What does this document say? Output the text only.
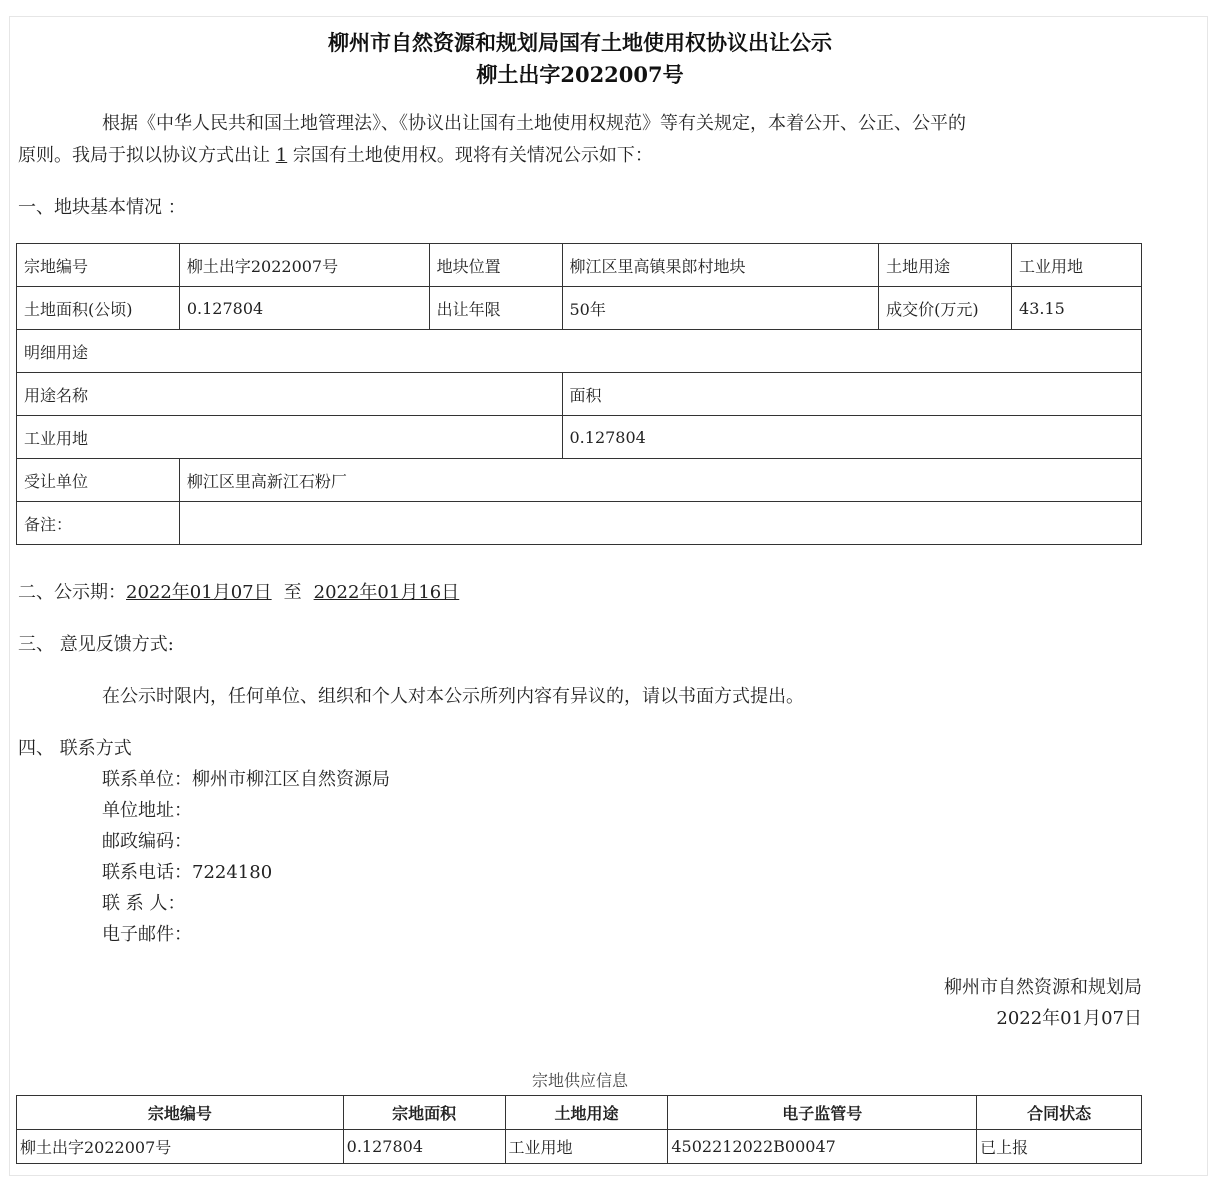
柳州市自然资源和规划局国有土地使用权协议出让公示
柳土出字2022007号
根据《中华人民共和国土地管理法》、《协议出让国有土地使用权规范》等有关规定，本着公开、公正、公平的
原则。我局于拟以协议方式出让 1 宗国有土地使用权。现将有关情况公示如下：
一、地块基本情况 ：
宗地编号	柳土出字2022007号	地块位置	柳江区里高镇果郎村地块	土地用途	工业用地
土地面积(公顷)	0.127804	出让年限	50年	成交价(万元)	43.15
明细用途					
用途名称			面积		
工业用地			0.127804		
受让单位	柳江区里高新江石粉厂				
备注：					
二、公示期：2022年01月07日 至 2022年01月16日
三、 意见反馈方式:
在公示时限内，任何单位、组织和个人对本公示所列内容有异议的，请以书面方式提出。
四、 联系方式
联系单位：柳州市柳江区自然资源局
单位地址：
邮政编码：
联系电话：7224180
联 系 人：
电子邮件：
柳州市自然资源和规划局
2022年01月07日
宗地供应信息
宗地编号	宗地面积	土地用途	电子监管号	合同状态
柳土出字2022007号	0.127804	工业用地	4502212022B00047	已上报
